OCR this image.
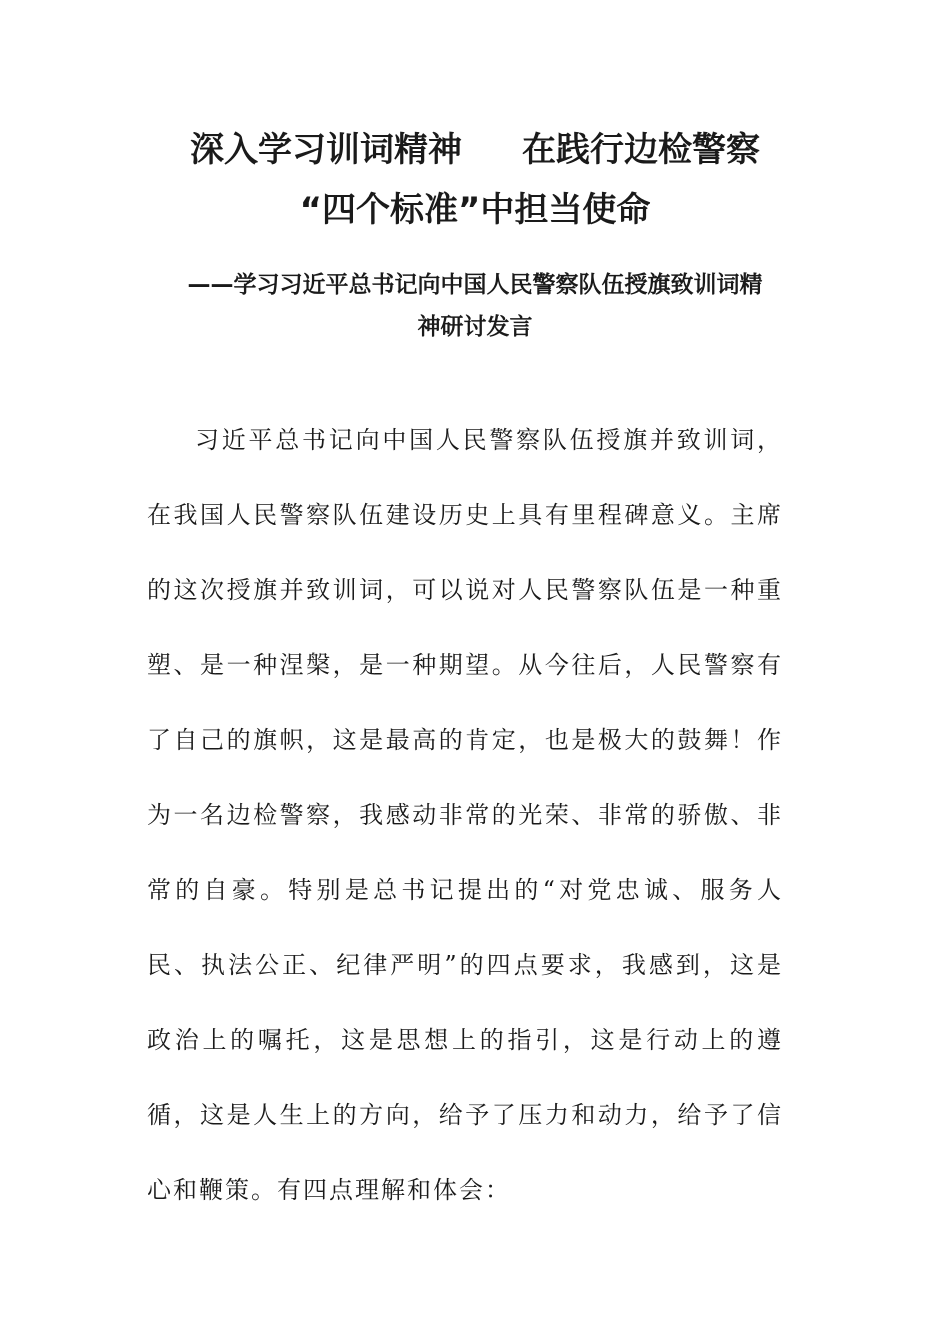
深入学习训词精神 在践行边检警察
“四个标准”中担当使命
——学习习近平总书记向中国人民警察队伍授旗致训词精
神研讨发言

习近平总书记向中国人民警察队伍授旗并致训词，在我国人民警察队伍建设历史上具有里程碑意义。主席的这次授旗并致训词，可以说对人民警察队伍是一种重塑、是一种涅槃，是一种期望。从今往后，人民警察有了自己的旗帜，这是最高的肯定，也是极大的鼓舞！作为一名边检警察，我感动非常的光荣、非常的骄傲、非常的自豪。特别是总书记提出的“对党忠诚、服务人民、执法公正、纪律严明”的四点要求，我感到，这是政治上的嘱托，这是思想上的指引，这是行动上的遵循，这是人生上的方向，给予了压力和动力，给予了信心和鞭策。有四点理解和体会：
